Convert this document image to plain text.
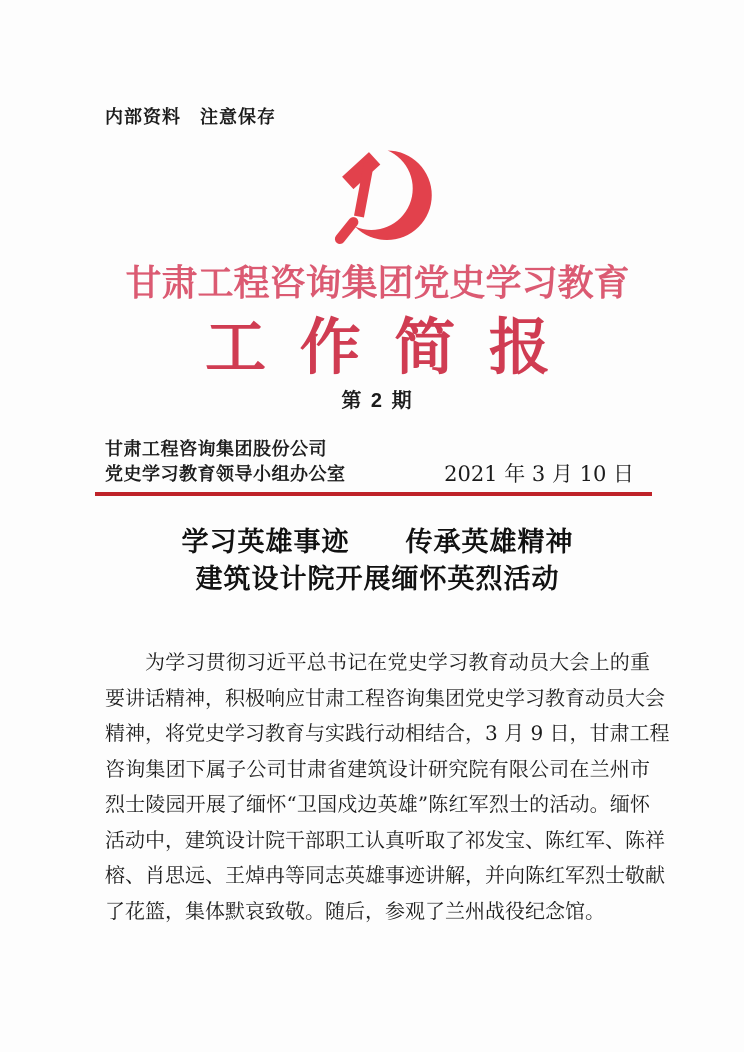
内部资料　注意保存
甘肃工程咨询集团党史学习教育
工作简报
第 2 期
甘肃工程咨询集团股份公司
党史学习教育领导小组办公室	2021 年 3 月 10 日
学习英雄事迹　　传承英雄精神
建筑设计院开展缅怀英烈活动
为学习贯彻习近平总书记在党史学习教育动员大会上的重
要讲话精神，积极响应甘肃工程咨询集团党史学习教育动员大会
精神，将党史学习教育与实践行动相结合，3 月 9 日，甘肃工程
咨询集团下属子公司甘肃省建筑设计研究院有限公司在兰州市
烈士陵园开展了缅怀“卫国戍边英雄”陈红军烈士的活动。缅怀
活动中，建筑设计院干部职工认真听取了祁发宝、陈红军、陈祥
榕、肖思远、王焯冉等同志英雄事迹讲解，并向陈红军烈士敬献
了花篮，集体默哀致敬。随后，参观了兰州战役纪念馆。
